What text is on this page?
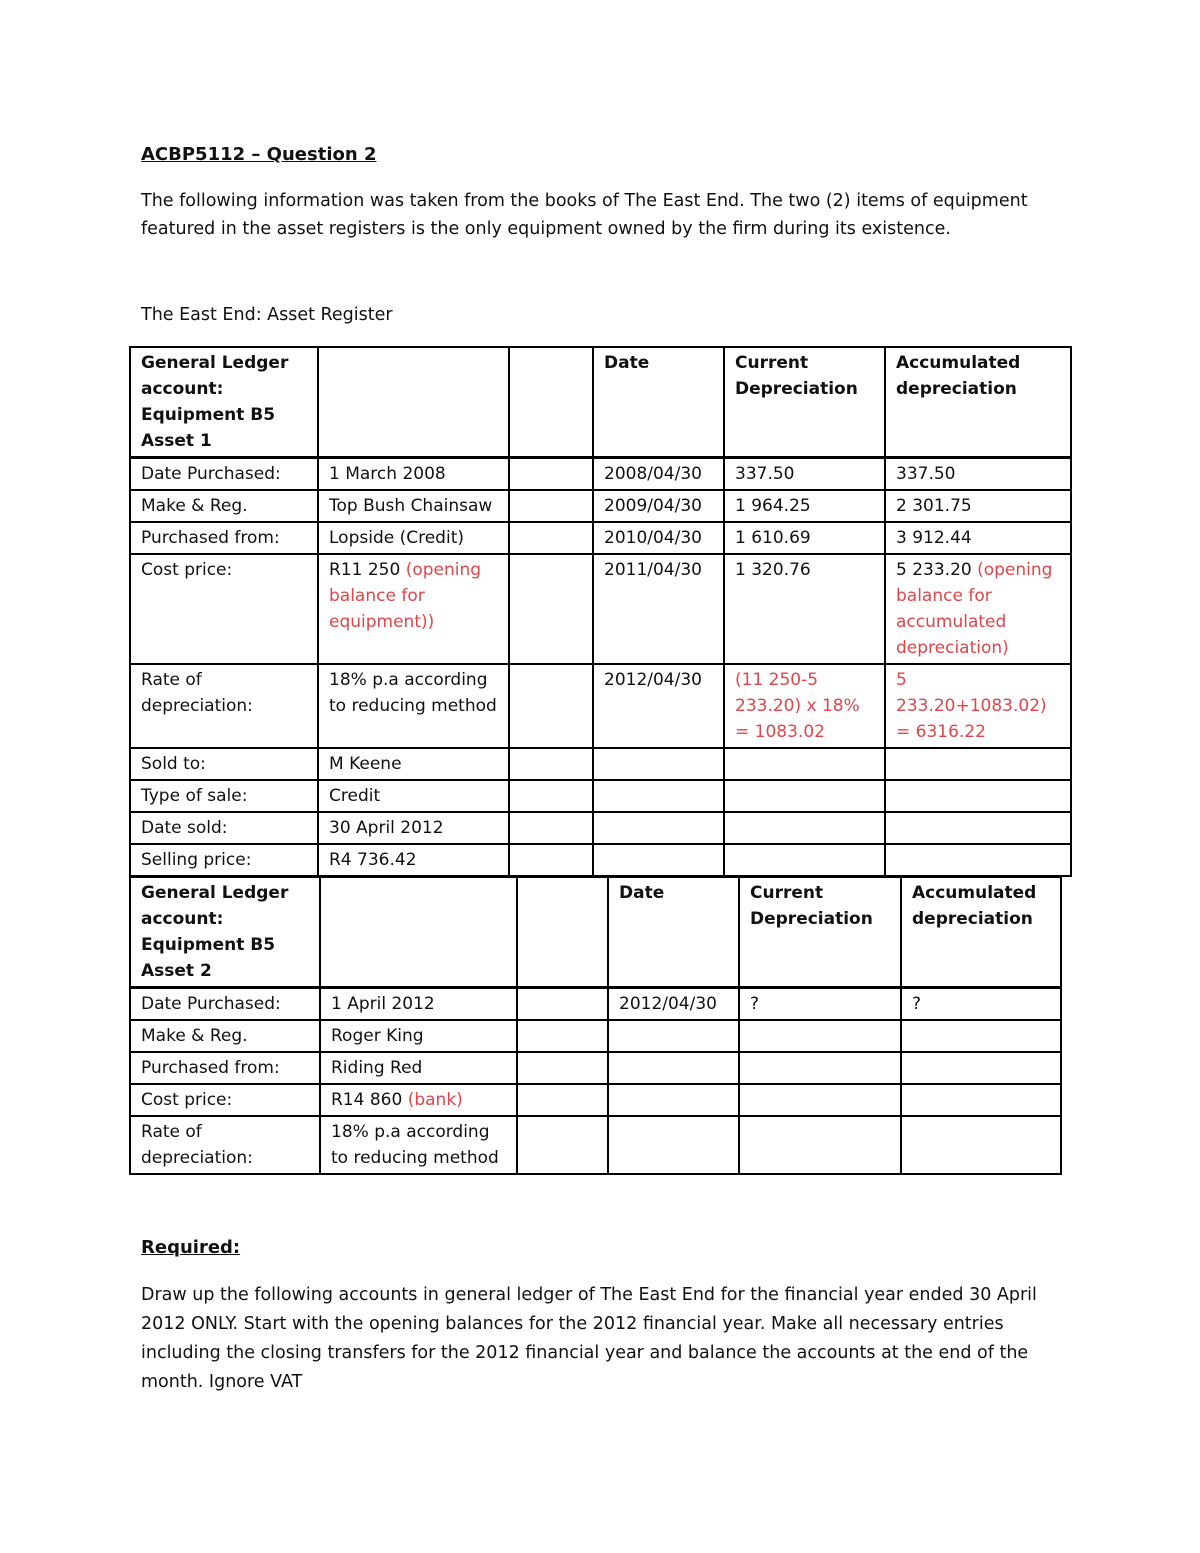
ACBP5112 – Question 2
The following information was taken from the books of The East End. The two (2) items of equipment featured in the asset registers is the only equipment owned by the firm during its existence.
The East End: Asset Register
General Ledger account: Equipment B5 Asset 1			Date	Current Depreciation	Accumulated depreciation
Date Purchased:	1 March 2008		2008/04/30	337.50	337.50
Make & Reg.	Top Bush Chainsaw		2009/04/30	1 964.25	2 301.75
Purchased from:	Lopside (Credit)		2010/04/30	1 610.69	3 912.44
Cost price:	R11 250 (opening balance for equipment))		2011/04/30	1 320.76	5 233.20 (opening balance for accumulated depreciation)
Rate of depreciation:	18% p.a according to reducing method		2012/04/30	(11 250-5 233.20) x 18% = 1083.02	5 233.20+1083.02) = 6316.22
Sold to:	M Keene				
Type of sale:	Credit				
Date sold:	30 April 2012				
Selling price:	R4 736.42				
General Ledger account: Equipment B5 Asset 2			Date	Current Depreciation	Accumulated depreciation
Date Purchased:	1 April 2012		2012/04/30	?	?
Make & Reg.	Roger King				
Purchased from:	Riding Red				
Cost price:	R14 860 (bank)				
Rate of depreciation:	18% p.a according to reducing method				
Required:
Draw up the following accounts in general ledger of The East End for the financial year ended 30 April 2012 ONLY. Start with the opening balances for the 2012 financial year. Make all necessary entries including the closing transfers for the 2012 financial year and balance the accounts at the end of the month. Ignore VAT
